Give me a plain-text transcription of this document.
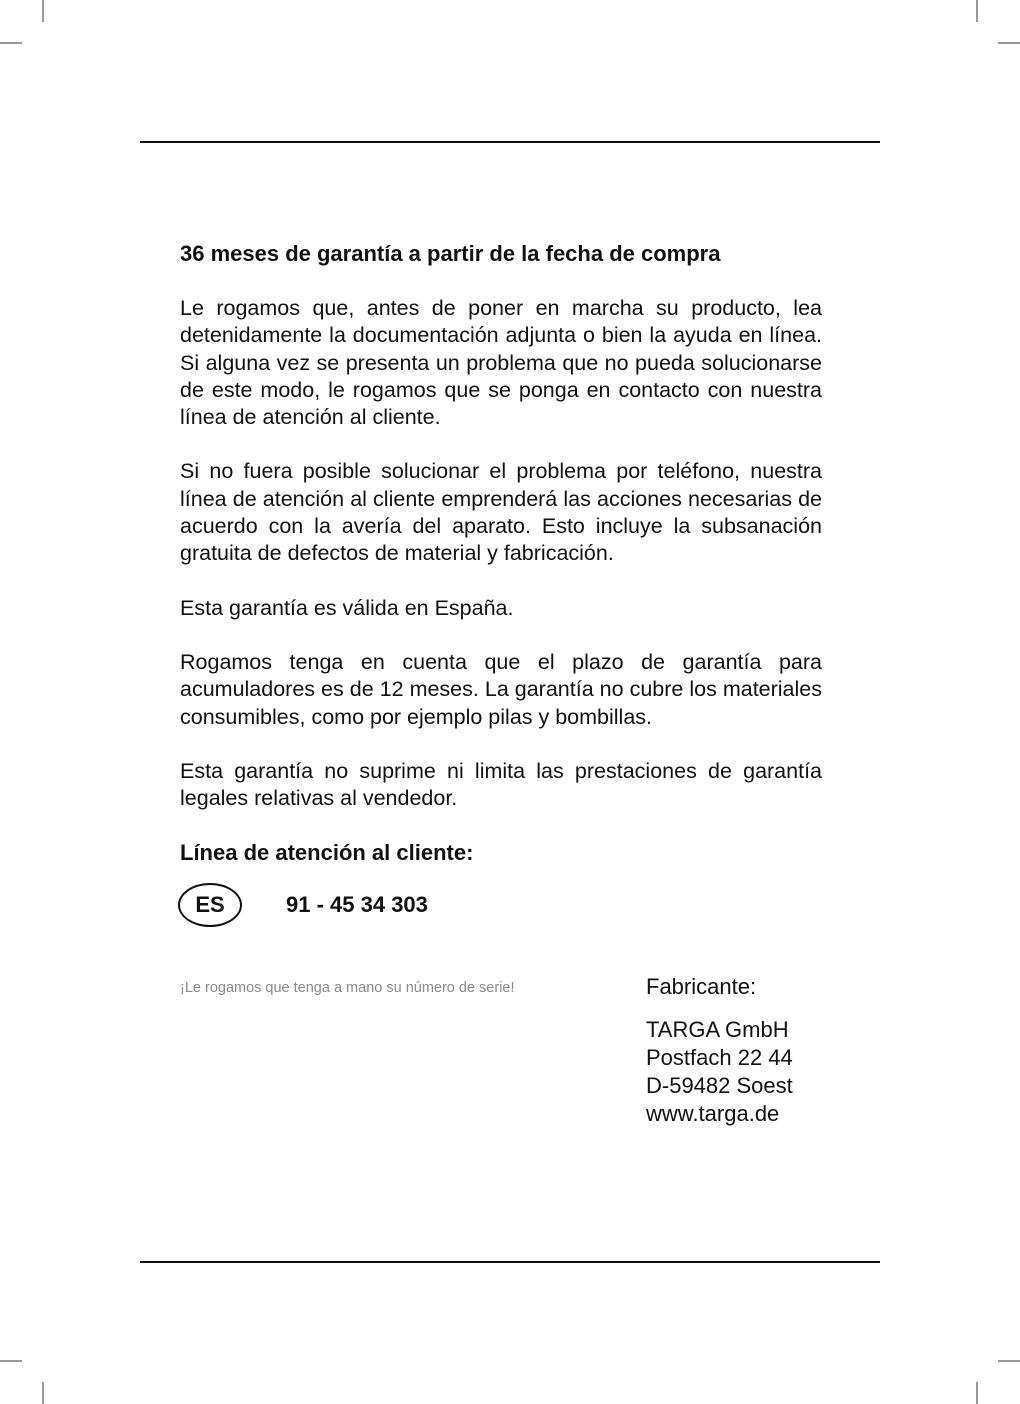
36 meses de garantía a partir de la fecha de compra

Le rogamos que, antes de poner en marcha su producto, lea detenidamente la documentación adjunta o bien la ayuda en línea. Si alguna vez se presenta un problema que no pueda solucionarse de este modo, le rogamos que se ponga en contacto con nuestra línea de atención al cliente.

Si no fuera posible solucionar el problema por teléfono, nuestra línea de atención al cliente emprenderá las acciones necesarias de acuerdo con la avería del aparato. Esto incluye la subsanación gratuita de defectos de material y fabricación.

Esta garantía es válida en España.

Rogamos tenga en cuenta que el plazo de garantía para acumuladores es de 12 meses. La garantía no cubre los materiales consumibles, como por ejemplo pilas y bombillas.

Esta garantía no suprime ni limita las prestaciones de garantía legales relativas al vendedor.

Línea de atención al cliente:

ES	91 - 45 34 303
¡Le rogamos que tenga a mano su número de serie!	Fabricante:

TARGA GmbH

Postfach 22 44

D-59482 Soest

www.targa.de
